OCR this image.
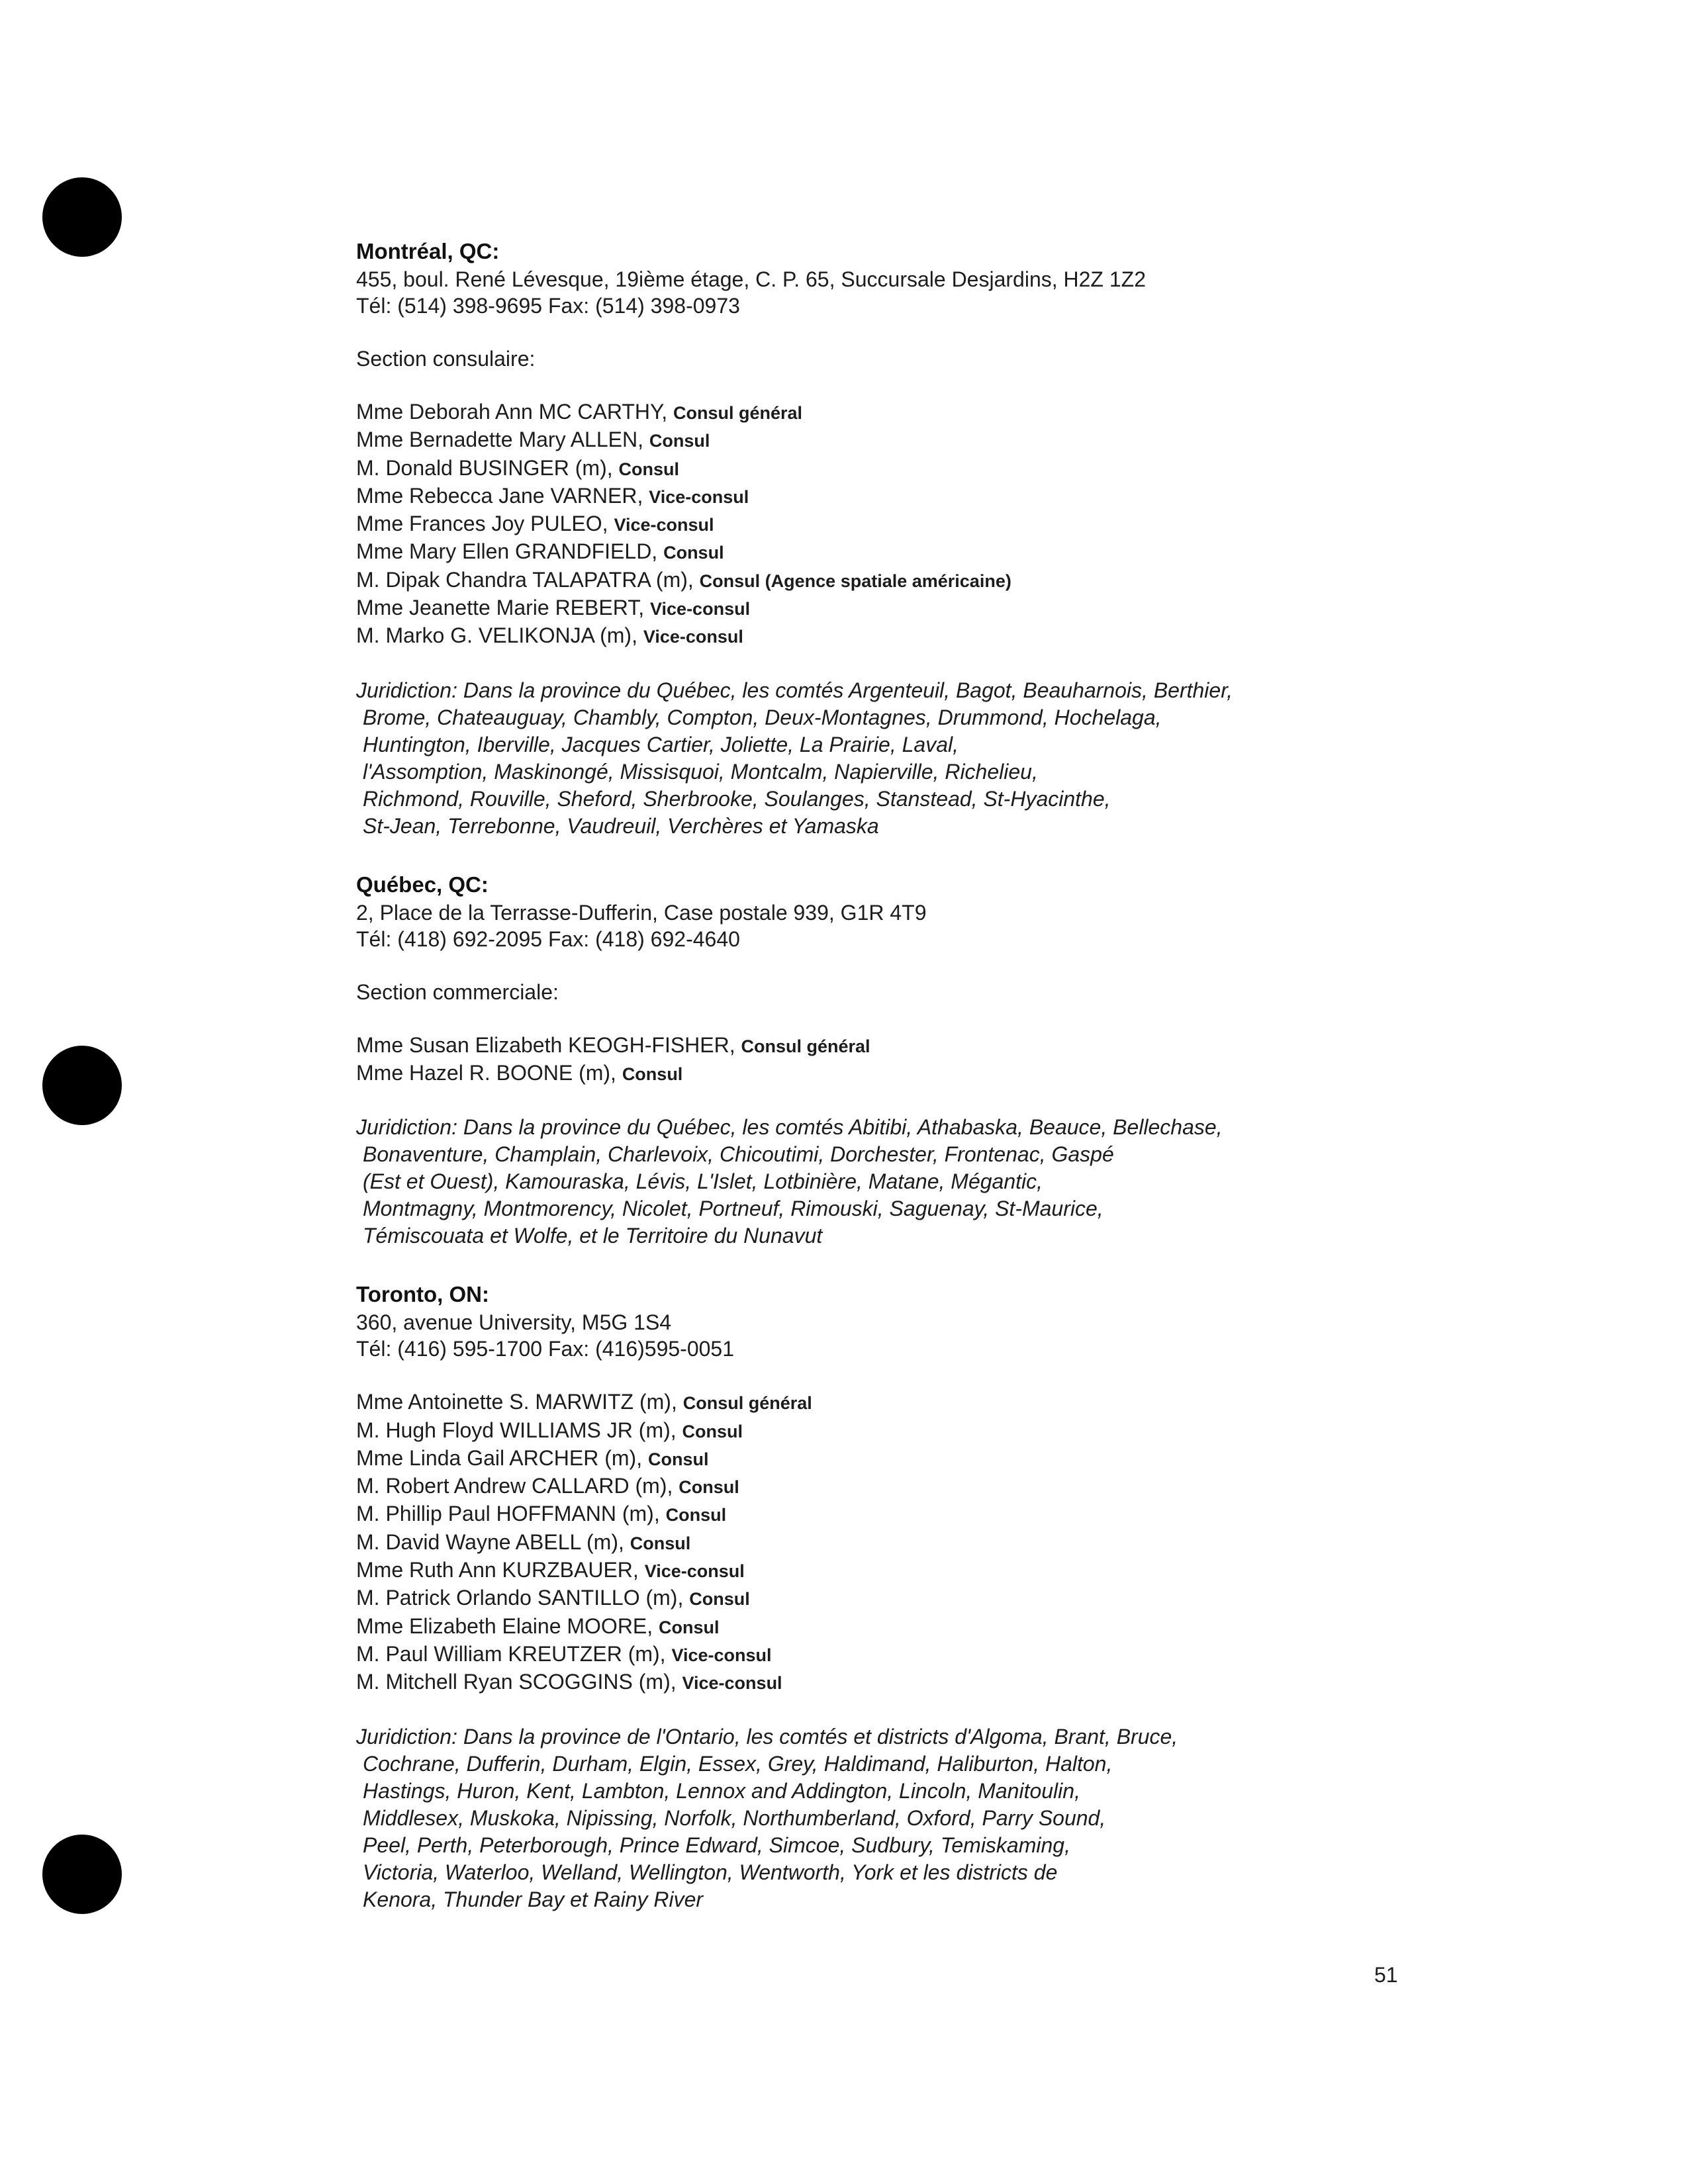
Montréal, QC:
455, boul. René Lévesque, 19ième étage, C. P. 65, Succursale Desjardins, H2Z 1Z2
Tél: (514) 398-9695 Fax: (514) 398-0973
Section consulaire:
Mme Deborah Ann MC CARTHY, Consul général
Mme Bernadette Mary ALLEN, Consul
M. Donald BUSINGER (m), Consul
Mme Rebecca Jane VARNER, Vice-consul
Mme Frances Joy PULEO, Vice-consul
Mme Mary Ellen GRANDFIELD, Consul
M. Dipak Chandra TALAPATRA (m), Consul (Agence spatiale américaine)
Mme Jeanette Marie REBERT, Vice-consul
M. Marko G. VELIKONJA (m), Vice-consul
Juridiction: Dans la province du Québec, les comtés Argenteuil, Bagot, Beauharnois, Berthier,
Brome, Chateauguay, Chambly, Compton, Deux-Montagnes, Drummond, Hochelaga,
Huntington, Iberville, Jacques Cartier, Joliette, La Prairie, Laval,
l'Assomption, Maskinongé, Missisquoi, Montcalm, Napierville, Richelieu,
Richmond, Rouville, Sheford, Sherbrooke, Soulanges, Stanstead, St-Hyacinthe,
St-Jean, Terrebonne, Vaudreuil, Verchères et Yamaska
Québec, QC:
2, Place de la Terrasse-Dufferin, Case postale 939, G1R 4T9
Tél: (418) 692-2095 Fax: (418) 692-4640
Section commerciale:
Mme Susan Elizabeth KEOGH-FISHER, Consul général
Mme Hazel R. BOONE (m), Consul
Juridiction: Dans la province du Québec, les comtés Abitibi, Athabaska, Beauce, Bellechase,
Bonaventure, Champlain, Charlevoix, Chicoutimi, Dorchester, Frontenac, Gaspé
(Est et Ouest), Kamouraska, Lévis, L'Islet, Lotbinière, Matane, Mégantic,
Montmagny, Montmorency, Nicolet, Portneuf, Rimouski, Saguenay, St-Maurice,
Témiscouata et Wolfe, et le Territoire du Nunavut
Toronto, ON:
360, avenue University, M5G 1S4
Tél: (416) 595-1700 Fax: (416)595-0051
Mme Antoinette S. MARWITZ (m), Consul général
M. Hugh Floyd WILLIAMS JR (m), Consul
Mme Linda Gail ARCHER (m), Consul
M. Robert Andrew CALLARD (m), Consul
M. Phillip Paul HOFFMANN (m), Consul
M. David Wayne ABELL (m), Consul
Mme Ruth Ann KURZBAUER, Vice-consul
M. Patrick Orlando SANTILLO (m), Consul
Mme Elizabeth Elaine MOORE, Consul
M. Paul William KREUTZER (m), Vice-consul
M. Mitchell Ryan SCOGGINS (m), Vice-consul
Juridiction: Dans la province de l'Ontario, les comtés et districts d'Algoma, Brant, Bruce,
Cochrane, Dufferin, Durham, Elgin, Essex, Grey, Haldimand, Haliburton, Halton,
Hastings, Huron, Kent, Lambton, Lennox and Addington, Lincoln, Manitoulin,
Middlesex, Muskoka, Nipissing, Norfolk, Northumberland, Oxford, Parry Sound,
Peel, Perth, Peterborough, Prince Edward, Simcoe, Sudbury, Temiskaming,
Victoria, Waterloo, Welland, Wellington, Wentworth, York et les districts de
Kenora, Thunder Bay et Rainy River
51
